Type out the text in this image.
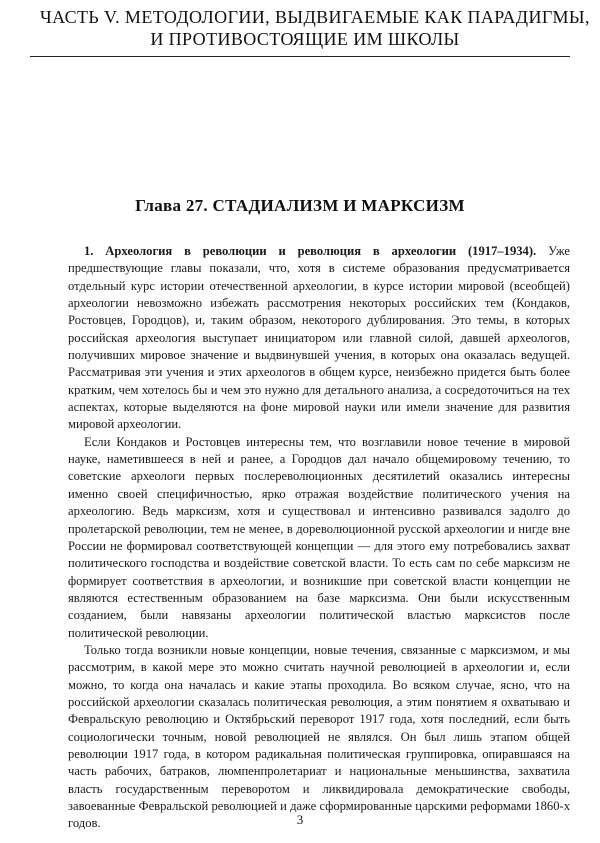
ЧАСТЬ V. МЕТОДОЛОГИИ, ВЫДВИГАЕМЫЕ КАК ПАРАДИГМЫ,
И ПРОТИВОСТОЯЩИЕ ИМ ШКОЛЫ
Глава 27. СТАДИАЛИЗМ И МАРКСИЗМ

1. Археология в революции и революция в археологии (1917–1934). Уже предшествующие главы показали, что, хотя в системе образования предусматривается отдельный курс истории отечественной археологии, в курсе истории мировой (всеобщей) археологии невозможно избежать рассмотрения некоторых российских тем (Кондаков, Ростовцев, Городцов), и, таким образом, некоторого дублирования. Это темы, в которых российская археология выступает инициатором или главной силой, давшей археологов, получивших мировое значение и выдвинувшей учения, в которых она оказалась ведущей. Рассматривая эти учения и этих археологов в общем курсе, неизбежно придется быть более кратким, чем хотелось бы и чем это нужно для детального анализа, а сосредоточиться на тех аспектах, которые выделяются на фоне мировой науки или имели значение для развития мировой археологии.

Если Кондаков и Ростовцев интересны тем, что возглавили новое течение в мировой науке, наметившееся в ней и ранее, а Городцов дал начало общемировому течению, то советские археологи первых послереволюционных десятилетий оказались интересны именно своей специфичностью, ярко отражая воздействие политического учения на археологию. Ведь марксизм, хотя и существовал и интенсивно развивался задолго до пролетарской революции, тем не менее, в дореволюционной русской археологии и нигде вне России не формировал соответствующей концепции — для этого ему потребовались захват политического господства и воздействие советской власти. То есть сам по себе марксизм не формирует соответствия в археологии, и возникшие при советской власти концепции не являются естественным образованием на базе марксизма. Они были искусственным созданием, были навязаны археологии политической властью марксистов после политической революции.

Только тогда возникли новые концепции, новые течения, связанные с марксизмом, и мы рассмотрим, в какой мере это можно считать научной революцией в археологии и, если можно, то когда она началась и какие этапы проходила. Во всяком случае, ясно, что на российской археологии сказалась политическая революция, а этим понятием я охватываю и Февральскую революцию и Октябрьский переворот 1917 года, хотя последний, если быть социологически точным, новой революцией не являлся. Он был лишь этапом общей революции 1917 года, в котором радикальная политическая группировка, опиравшаяся на часть рабочих, батраков, люмпенпролетариат и национальные меньшинства, захватила власть государственным переворотом и ликвидировала демократические свободы, завоеванные Февральской революцией и даже сформированные царскими реформами 1860-х годов.	3
